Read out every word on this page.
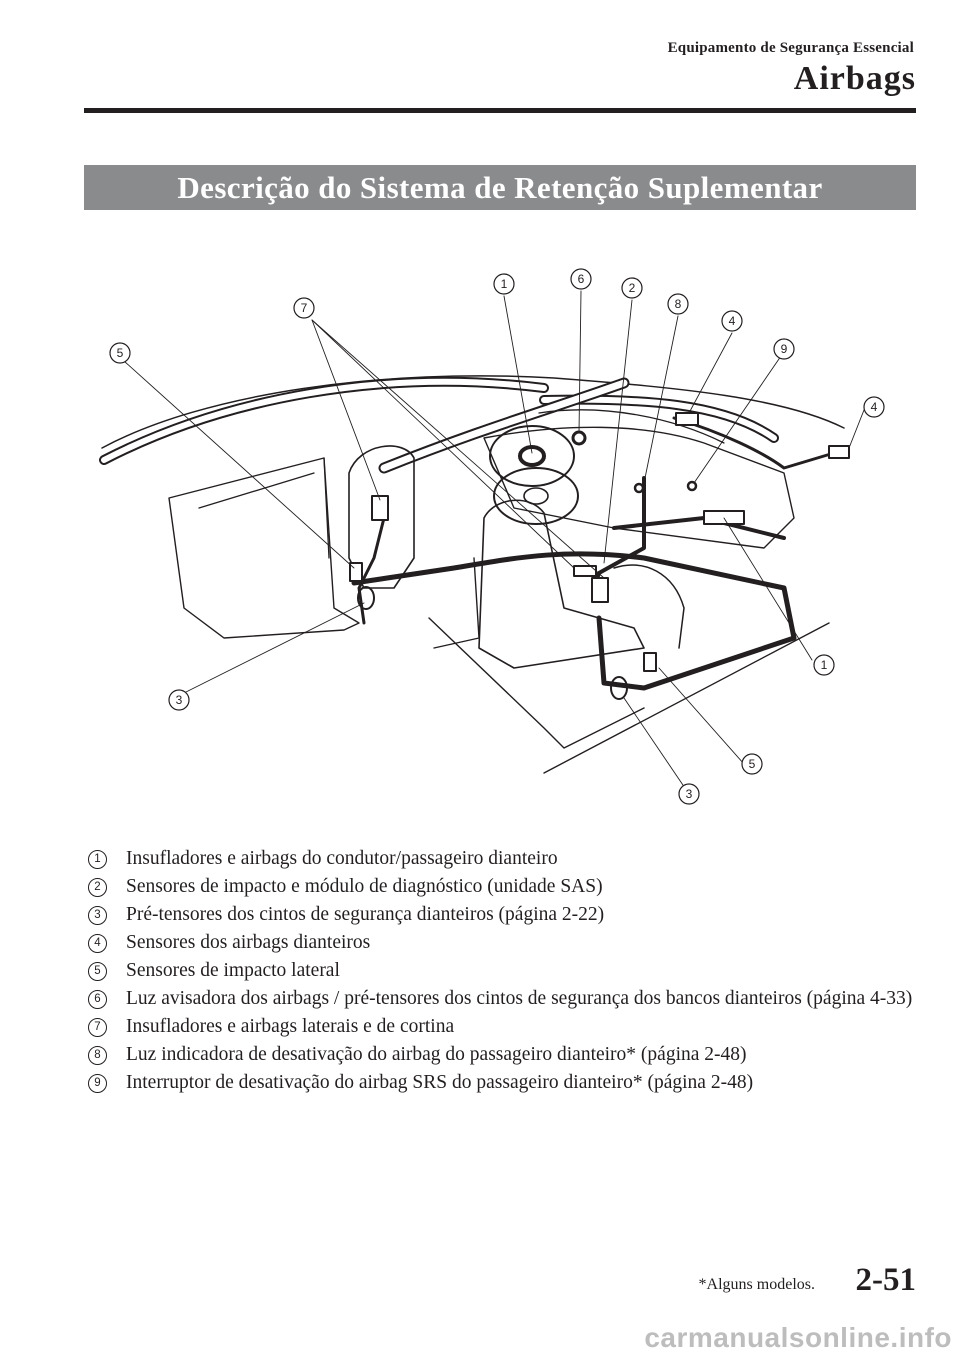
Equipamento de Segurança Essencial
Airbags
Descrição do Sistema de Retenção Suplementar
1	6
2
8
7
4
5	9
4
1
3
5
3
1	Insufladores e airbags do condutor/passageiro dianteiro
2	Sensores de impacto e módulo de diagnóstico (unidade SAS)
3	Pré-tensores dos cintos de segurança dianteiros (página 2-22)
4	Sensores dos airbags dianteiros
5	Sensores de impacto lateral
6	Luz avisadora dos airbags / pré-tensores dos cintos de segurança dos bancos dianteiros (página 4-33)
7	Insufladores e airbags laterais e de cortina
8	Luz indicadora de desativação do airbag do passageiro dianteiro* (página 2-48)
9	Interruptor de desativação do airbag SRS do passageiro dianteiro* (página 2-48)
*Alguns modelos. 2-51
carmanualsonline.info
